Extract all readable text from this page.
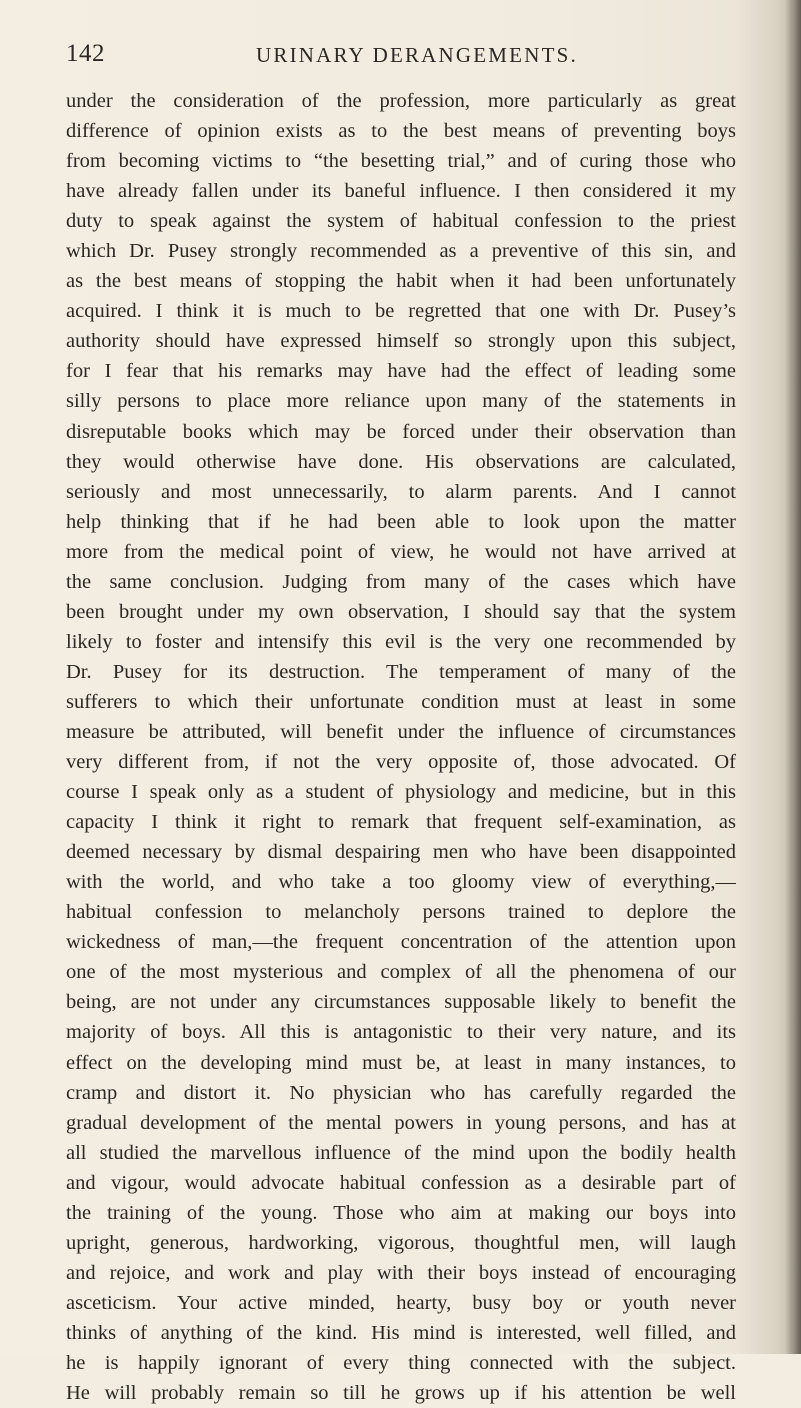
142	URINARY DERANGEMENTS.
under the consideration of the profession, more particularly as great
difference of opinion exists as to the best means of preventing boys
from becoming victims to “the besetting trial,” and of curing those who
have already fallen under its baneful influence. I then considered it my
duty to speak against the system of habitual confession to the priest
which Dr. Pusey strongly recommended as a preventive of this sin, and
as the best means of stopping the habit when it had been unfortunately
acquired. I think it is much to be regretted that one with Dr. Pusey’s
authority should have expressed himself so strongly upon this subject,
for I fear that his remarks may have had the effect of leading some
silly persons to place more reliance upon many of the statements in
disreputable books which may be forced under their observation than
they would otherwise have done. His observations are calculated,
seriously and most unnecessarily, to alarm parents. And I cannot
help thinking that if he had been able to look upon the matter
more from the medical point of view, he would not have arrived at
the same conclusion. Judging from many of the cases which have
been brought under my own observation, I should say that the system
likely to foster and intensify this evil is the very one recommended by
Dr. Pusey for its destruction. The temperament of many of the
sufferers to which their unfortunate condition must at least in some
measure be attributed, will benefit under the influence of circumstances
very different from, if not the very opposite of, those advocated. Of
course I speak only as a student of physiology and medicine, but in this
capacity I think it right to remark that frequent self-examination, as
deemed necessary by dismal despairing men who have been disappointed
with the world, and who take a too gloomy view of everything,—
habitual confession to melancholy persons trained to deplore the
wickedness of man,—the frequent concentration of the attention upon
one of the most mysterious and complex of all the phenomena of our
being, are not under any circumstances supposable likely to benefit the
majority of boys. All this is antagonistic to their very nature, and its
effect on the developing mind must be, at least in many instances, to
cramp and distort it. No physician who has carefully regarded the
gradual development of the mental powers in young persons, and has at
all studied the marvellous influence of the mind upon the bodily health
and vigour, would advocate habitual confession as a desirable part of
the training of the young. Those who aim at making our boys into
upright, generous, hardworking, vigorous, thoughtful men, will laugh
and rejoice, and work and play with their boys instead of encouraging
asceticism. Your active minded, hearty, busy boy or youth never
thinks of anything of the kind. His mind is interested, well filled, and
he is happily ignorant of every thing connected with the subject.
He will probably remain so till he grows up if his attention be well
